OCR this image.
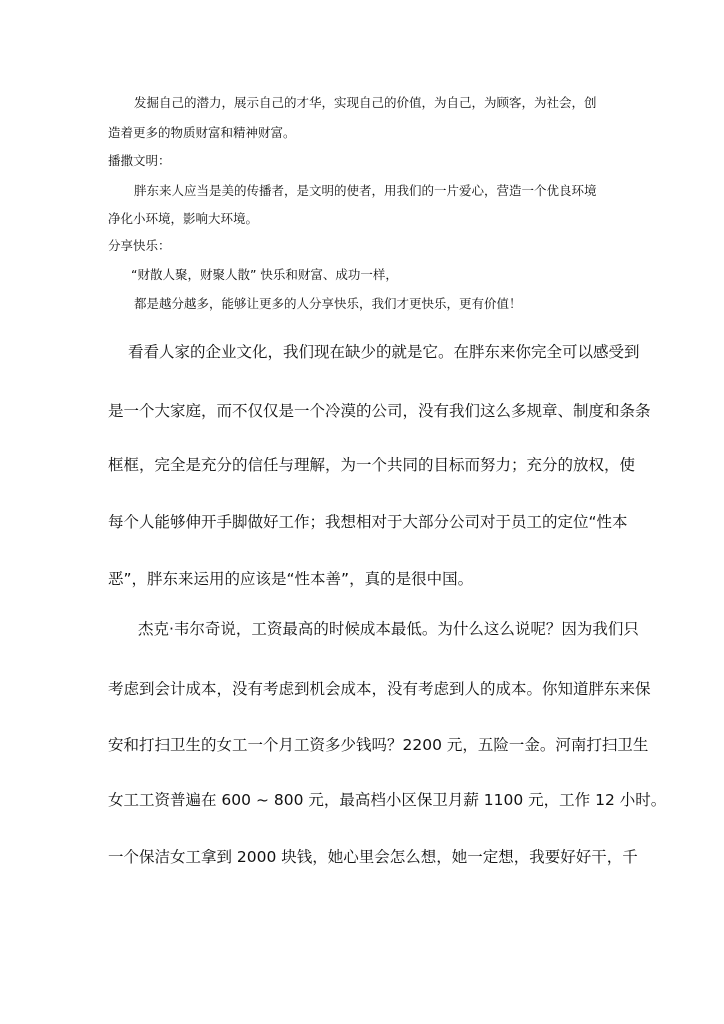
发掘自己的潜力，展示自己的才华，实现自己的价值，为自己，为顾客，为社会，创
造着更多的物质财富和精神财富。
播撒文明：
胖东来人应当是美的传播者，是文明的使者，用我们的一片爱心，营造一个优良环境
净化小环境，影响大环境。
分享快乐：
“财散人聚，财聚人散” 快乐和财富、成功一样，
都是越分越多，能够让更多的人分享快乐，我们才更快乐，更有价值！
看看人家的企业文化，我们现在缺少的就是它。在胖东来你完全可以感受到
是一个大家庭，而不仅仅是一个冷漠的公司，没有我们这么多规章、制度和条条
框框，完全是充分的信任与理解，为一个共同的目标而努力；充分的放权，使
每个人能够伸开手脚做好工作；我想相对于大部分公司对于员工的定位“性本
恶”，胖东来运用的应该是“性本善”，真的是很中国。
杰克·韦尔奇说，工资最高的时候成本最低。为什么这么说呢？因为我们只
考虑到会计成本，没有考虑到机会成本，没有考虑到人的成本。你知道胖东来保
安和打扫卫生的女工一个月工资多少钱吗？2200 元，五险一金。河南打扫卫生
女工工资普遍在 600 ~ 800 元，最高档小区保卫月薪 1100 元，工作 12 小时。
一个保洁女工拿到 2000 块钱，她心里会怎么想，她一定想，我要好好干，千
